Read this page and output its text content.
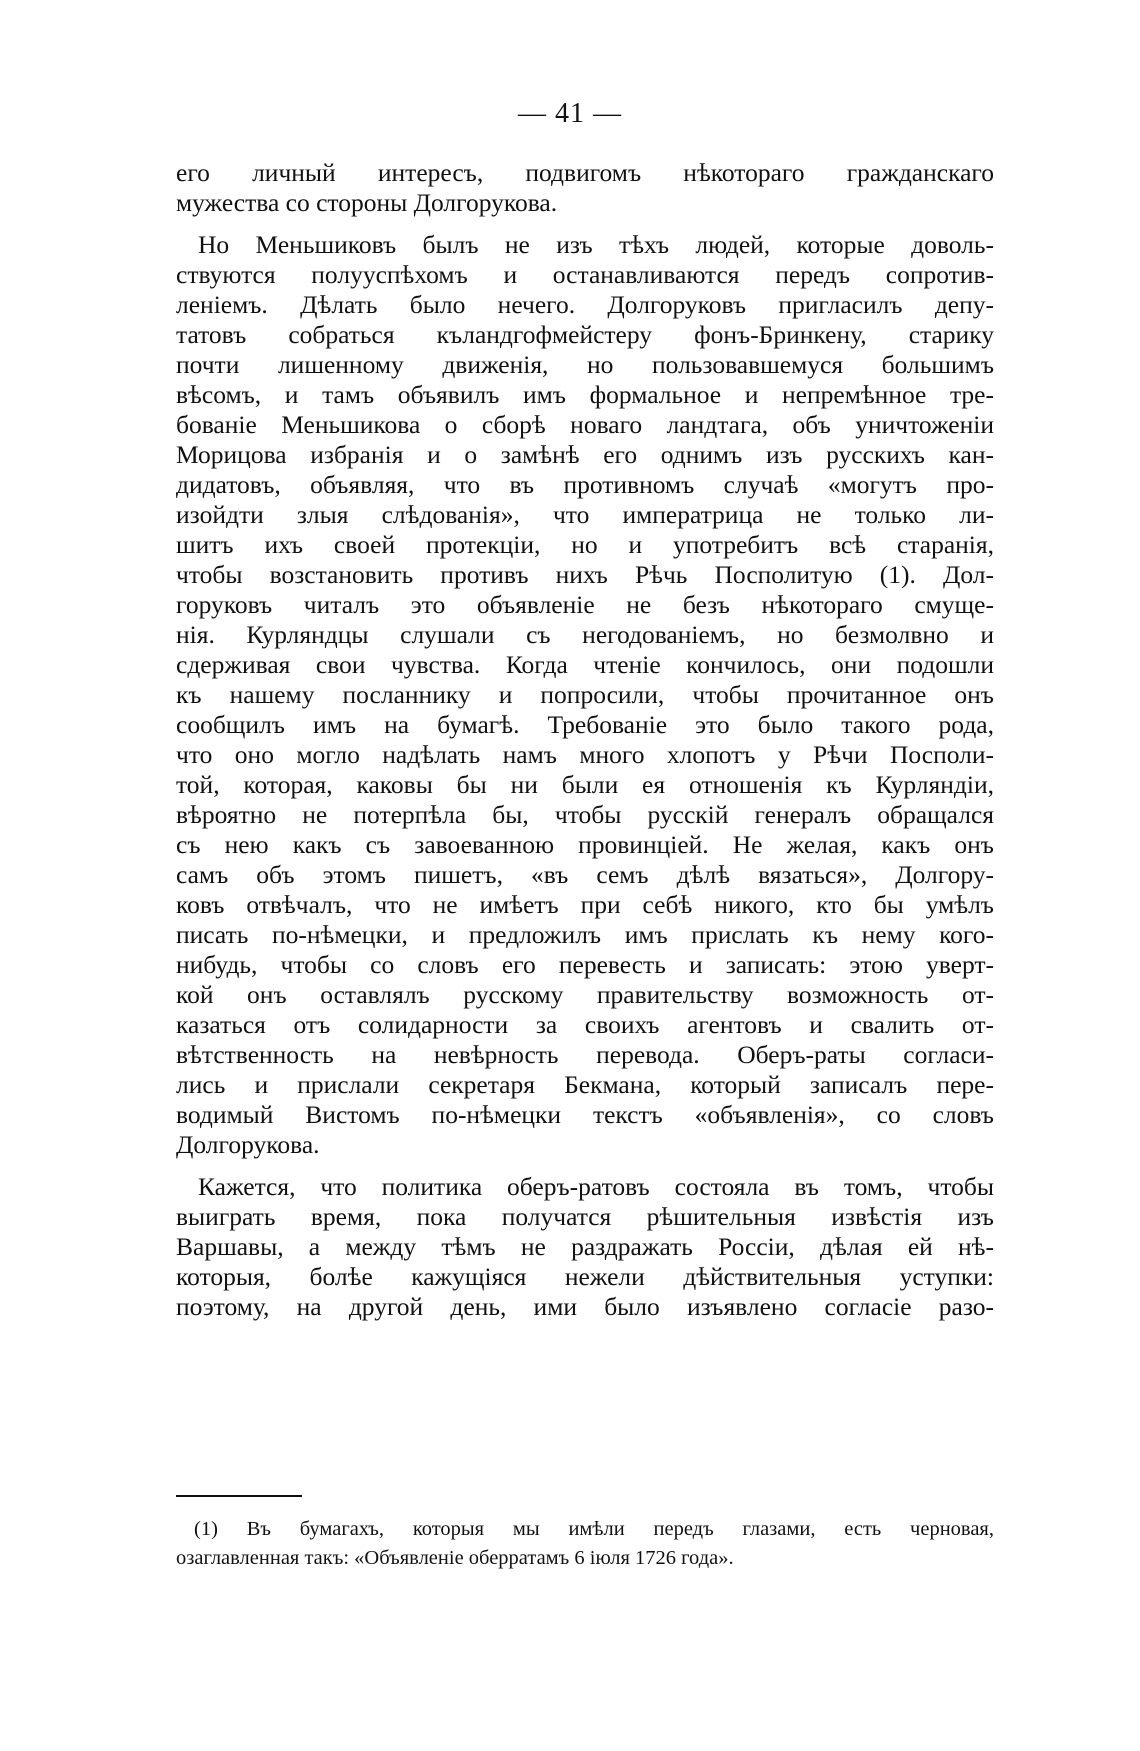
— 41 —
его личный интересъ, подвигомъ нѣкотораго гражданскаго
мужества со стороны Долгорукова.
Но Меньшиковъ былъ не изъ тѣхъ людей, которые доволь-
ствуются полууспѣхомъ и останавливаются передъ сопротив-
леніемъ. Дѣлать было нечего. Долгоруковъ пригласилъ депу-
татовъ собраться къландгофмейстеру фонъ-Бринкену, старику
почти лишенному движенія, но пользовавшемуся большимъ
вѣсомъ, и тамъ объявилъ имъ формальное и непремѣнное тре-
бованіе Меньшикова о сборѣ новаго ландтага, объ уничтоженіи
Морицова избранія и о замѣнѣ его однимъ изъ русскихъ кан-
дидатовъ, объявляя, что въ противномъ случаѣ «могутъ про-
изойдти злыя слѣдованія», что императрица не только ли-
шитъ ихъ своей протекціи, но и употребитъ всѣ старанія,
чтобы возстановить противъ нихъ Рѣчь Посполитую (1). Дол-
горуковъ читалъ это объявленіе не безъ нѣкотораго смуще-
нія. Курляндцы слушали съ негодованіемъ, но безмолвно и
сдерживая свои чувства. Когда чтеніе кончилось, они подошли
къ нашему посланнику и попросили, чтобы прочитанное онъ
сообщилъ имъ на бумагѣ. Требованіе это было такого рода,
что оно могло надѣлать намъ много хлопотъ у Рѣчи Посполи-
той, которая, каковы бы ни были ея отношенія къ Курляндіи,
вѣроятно не потерпѣла бы, чтобы русскій генералъ обращался
съ нею какъ съ завоеванною провинціей. Не желая, какъ онъ
самъ объ этомъ пишетъ, «въ семъ дѣлѣ вязаться», Долгору-
ковъ отвѣчалъ, что не имѣетъ при себѣ никого, кто бы умѣлъ
писать по-нѣмецки, и предложилъ имъ прислать къ нему кого-
нибудь, чтобы со словъ его перевесть и записать: этою уверт-
кой онъ оставлялъ русскому правительству возможность от-
казаться отъ солидарности за своихъ агентовъ и свалить от-
вѣтственность на невѣрность перевода. Оберъ-раты согласи-
лись и прислали секретаря Бекмана, который записалъ пере-
водимый Вистомъ по-нѣмецки текстъ «объявленія», со словъ
Долгорукова.
Кажется, что политика оберъ-ратовъ состояла въ томъ, чтобы
выиграть время, пока получатся рѣшительныя извѣстія изъ
Варшавы, а между тѣмъ не раздражать Россіи, дѣлая ей нѣ-
которыя, болѣе кажущіяся нежели дѣйствительныя уступки:
поэтому, на другой день, ими было изъявлено согласіе разо-
(1) Въ бумагахъ, которыя мы имѣли передъ глазами, есть черновая,
озаглавленная такъ: «Объявленіе оберратамъ 6 іюля 1726 года».
